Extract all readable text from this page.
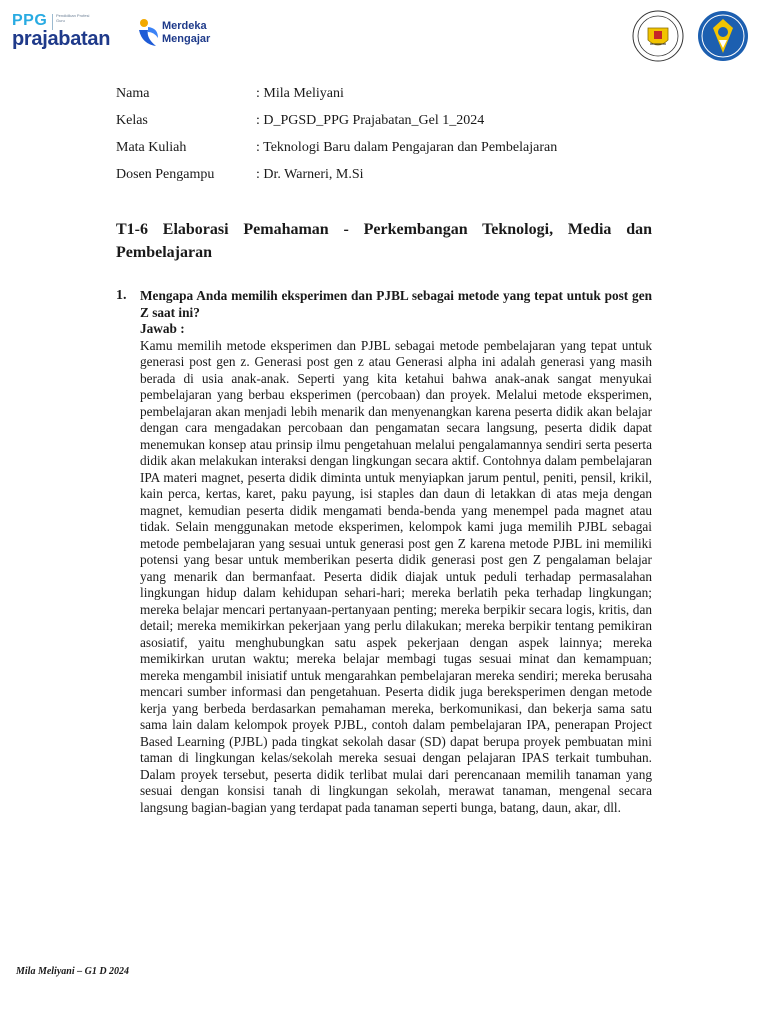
PPG Pendidikan Profesi Guru
prajabatan
Merdeka
Mengajar
Nama	: Mila Meliyani
Kelas	: D_PGSD_PPG Prajabatan_Gel 1_2024
Mata Kuliah	: Teknologi Baru dalam Pengajaran dan Pembelajaran
Dosen Pengampu	: Dr. Warneri, M.Si
T1-6 Elaborasi Pemahaman - Perkembangan Teknologi, Media dan Pembelajaran
1. Mengapa Anda memilih eksperimen dan PJBL sebagai metode yang tepat untuk post gen Z saat ini?

Jawab :

Kamu memilih metode eksperimen dan PJBL sebagai metode pembelajaran yang tepat untuk generasi post gen z. Generasi post gen z atau Generasi alpha ini adalah generasi yang masih berada di usia anak-anak. Seperti yang kita ketahui bahwa anak-anak sangat menyukai pembelajaran yang berbau eksperimen (percobaan) dan proyek. Melalui metode eksperimen, pembelajaran akan menjadi lebih menarik dan menyenangkan karena peserta didik akan belajar dengan cara mengadakan percobaan dan pengamatan secara langsung, peserta didik dapat menemukan konsep atau prinsip ilmu pengetahuan melalui pengalamannya sendiri serta peserta didik akan melakukan interaksi dengan lingkungan secara aktif. Contohnya dalam pembelajaran IPA materi magnet, peserta didik diminta untuk menyiapkan jarum pentul, peniti, pensil, krikil, kain perca, kertas, karet, paku payung, isi staples dan daun di letakkan di atas meja dengan magnet, kemudian peserta didik mengamati benda-benda yang menempel pada magnet atau tidak. Selain menggunakan metode eksperimen, kelompok kami juga memilih PJBL sebagai metode pembelajaran yang sesuai untuk generasi post gen Z karena metode PJBL ini memiliki potensi yang besar untuk memberikan peserta didik generasi post gen Z pengalaman belajar yang menarik dan bermanfaat. Peserta didik diajak untuk peduli terhadap permasalahan lingkungan hidup dalam kehidupan sehari-hari; mereka berlatih peka terhadap lingkungan; mereka belajar mencari pertanyaan-pertanyaan penting; mereka berpikir secara logis, kritis, dan detail; mereka memikirkan pekerjaan yang perlu dilakukan; mereka berpikir tentang pemikiran asosiatif, yaitu menghubungkan satu aspek pekerjaan dengan aspek lainnya; mereka memikirkan urutan waktu; mereka belajar membagi tugas sesuai minat dan kemampuan; mereka mengambil inisiatif untuk mengarahkan pembelajaran mereka sendiri; mereka berusaha mencari sumber informasi dan pengetahuan. Peserta didik juga bereksperimen dengan metode kerja yang berbeda berdasarkan pemahaman mereka, berkomunikasi, dan bekerja sama satu sama lain dalam kelompok proyek PJBL, contoh dalam pembelajaran IPA, penerapan Project Based Learning (PJBL) pada tingkat sekolah dasar (SD) dapat berupa proyek pembuatan mini taman di lingkungan kelas/sekolah mereka sesuai dengan pelajaran IPAS terkait tumbuhan. Dalam proyek tersebut, peserta didik terlibat mulai dari perencanaan memilih tanaman yang sesuai dengan konsisi tanah di lingkungan sekolah, merawat tanaman, mengenal secara langsung bagian-bagian yang terdapat pada tanaman seperti bunga, batang, daun, akar, dll.

Mila Meliyani – G1 D 2024
